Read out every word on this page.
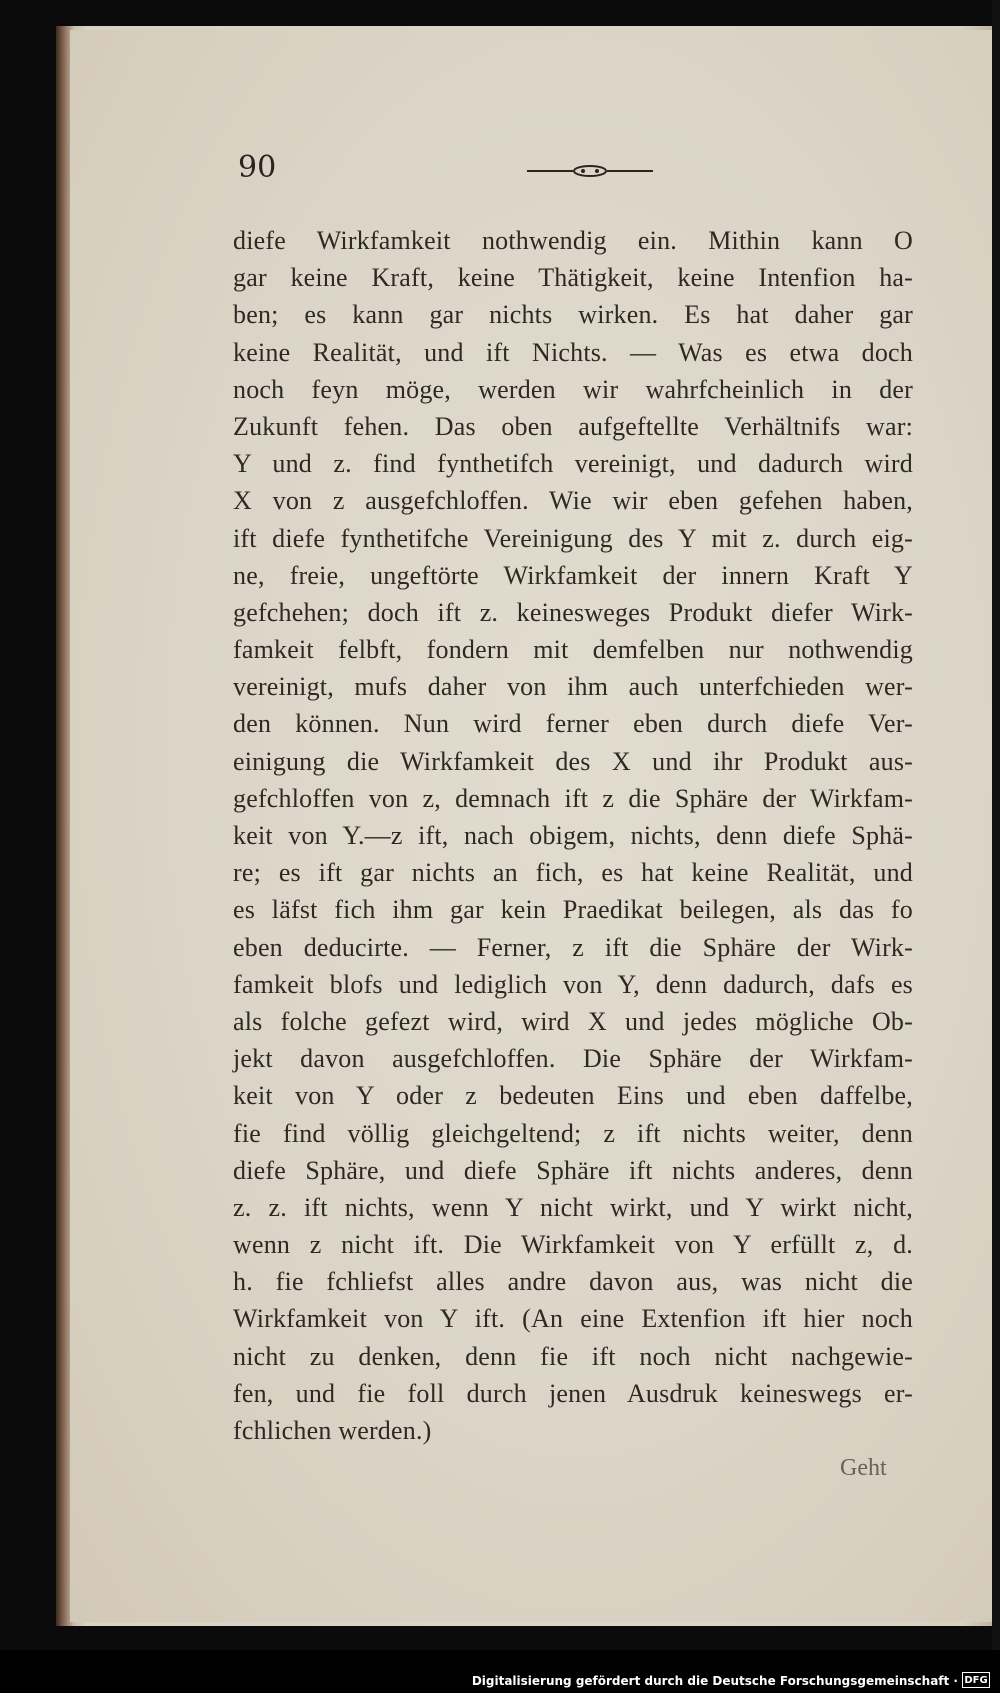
90
diefe Wirkfamkeit nothwendig ein. Mithin kann O
gar keine Kraft, keine Thätigkeit, keine Intenfion ha-
ben; es kann gar nichts wirken. Es hat daher gar
keine Realität, und ift Nichts. — Was es etwa doch
noch feyn möge, werden wir wahrfcheinlich in der
Zukunft fehen. Das oben aufgeftellte Verhältnifs war:
Y und z. find fynthetifch vereinigt, und dadurch wird
X von z ausgefchloffen. Wie wir eben gefehen haben,
ift diefe fynthetifche Vereinigung des Y mit z. durch eig-
ne, freie, ungeftörte Wirkfamkeit der innern Kraft Y
gefchehen; doch ift z. keinesweges Produkt diefer Wirk-
famkeit felbft, fondern mit demfelben nur nothwendig
vereinigt, mufs daher von ihm auch unterfchieden wer-
den können. Nun wird ferner eben durch diefe Ver-
einigung die Wirkfamkeit des X und ihr Produkt aus-
gefchloffen von z, demnach ift z die Sphäre der Wirkfam-
keit von Y.—z ift, nach obigem, nichts, denn diefe Sphä-
re; es ift gar nichts an fich, es hat keine Realität, und
es läfst fich ihm gar kein Praedikat beilegen, als das fo
eben deducirte. — Ferner, z ift die Sphäre der Wirk-
famkeit blofs und lediglich von Y, denn dadurch, dafs es
als folche gefezt wird, wird X und jedes mögliche Ob-
jekt davon ausgefchloffen. Die Sphäre der Wirkfam-
keit von Y oder z bedeuten Eins und eben daffelbe,
fie find völlig gleichgeltend; z ift nichts weiter, denn
diefe Sphäre, und diefe Sphäre ift nichts anderes, denn
z. z. ift nichts, wenn Y nicht wirkt, und Y wirkt nicht,
wenn z nicht ift. Die Wirkfamkeit von Y erfüllt z, d.
h. fie fchliefst alles andre davon aus, was nicht die
Wirkfamkeit von Y ift. (An eine Extenfion ift hier noch
nicht zu denken, denn fie ift noch nicht nachgewie-
fen, und fie foll durch jenen Ausdruk keineswegs er-
fchlichen werden.)
Geht
Digitalisierung gefördert durch die Deutsche Forschungsgemeinschaft · DFG
